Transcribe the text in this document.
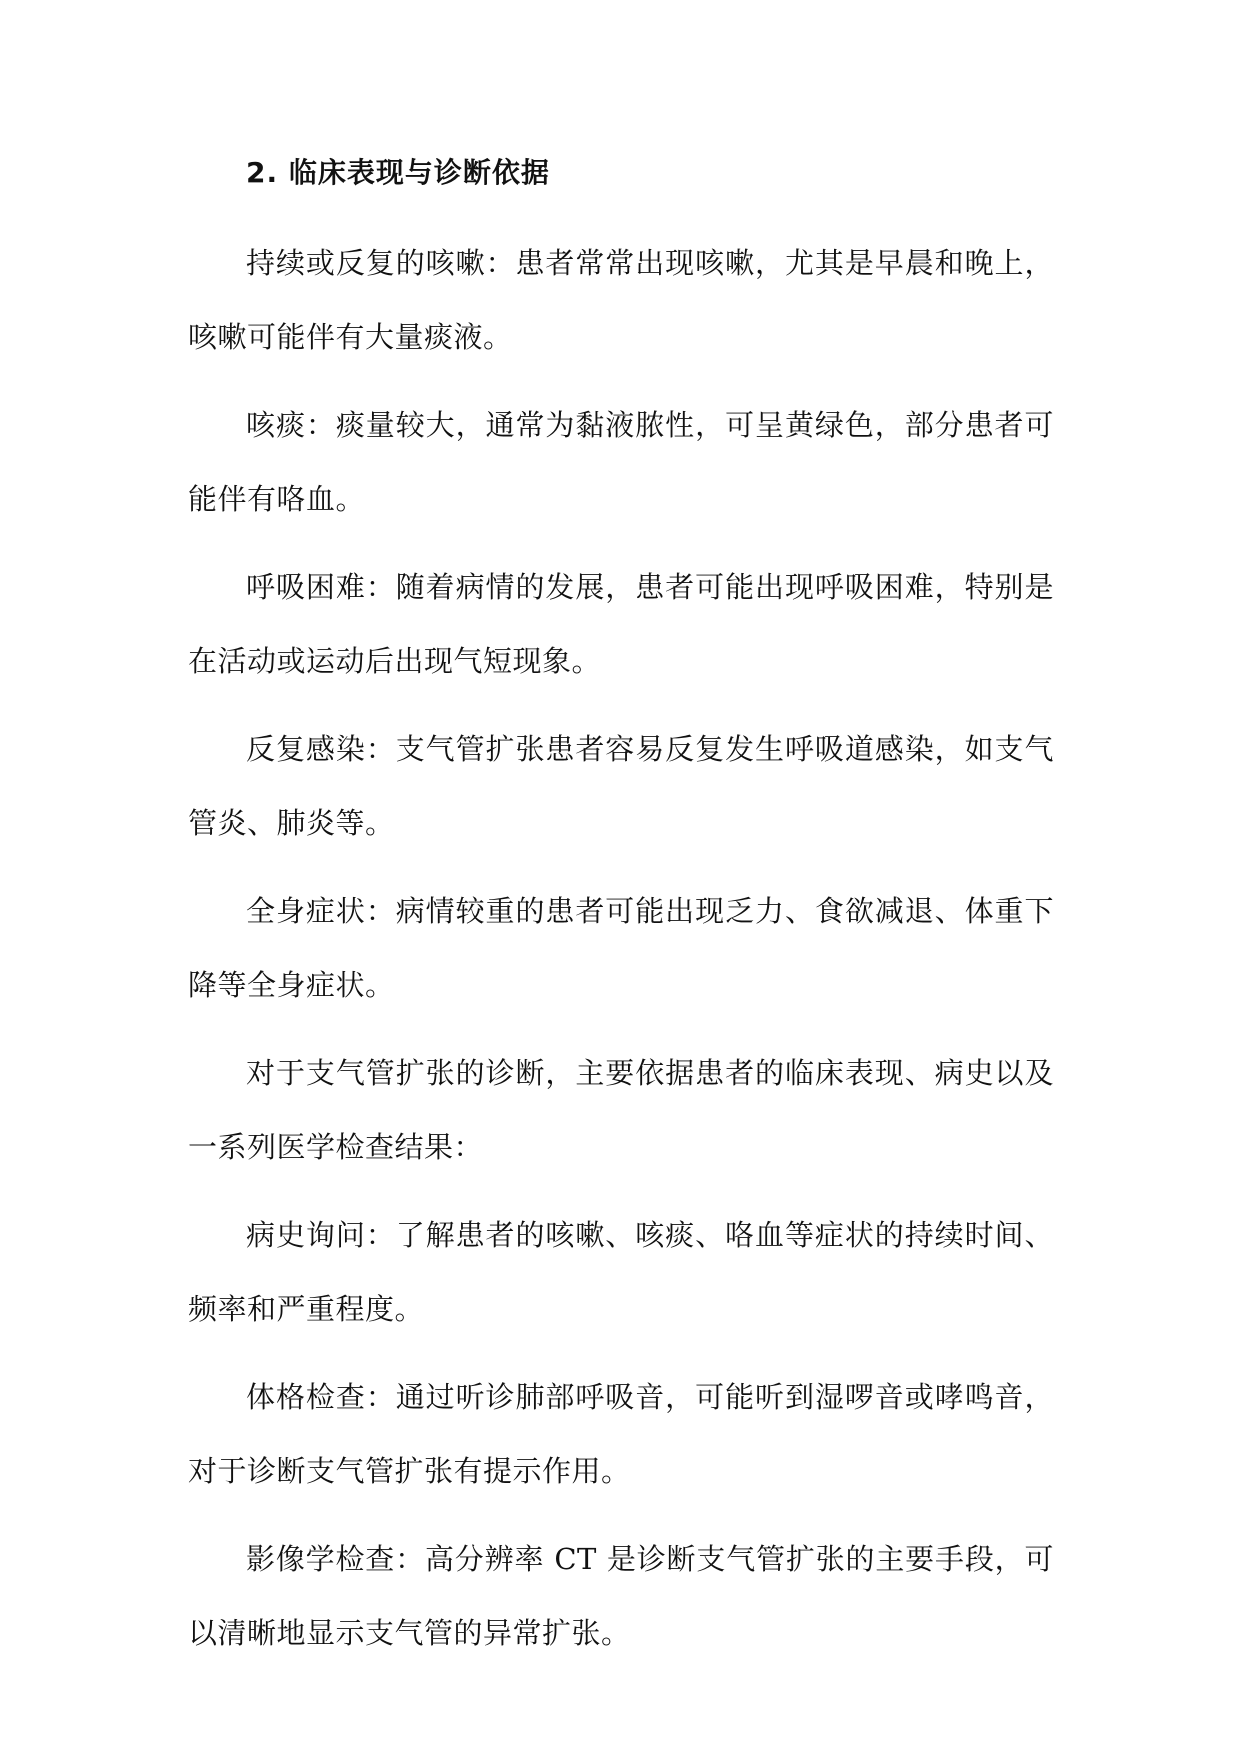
2. 临床表现与诊断依据

持续或反复的咳嗽：患者常常出现咳嗽，尤其是早晨和晚上，咳嗽可能伴有大量痰液。

咳痰：痰量较大，通常为黏液脓性，可呈黄绿色，部分患者可能伴有咯血。

呼吸困难：随着病情的发展，患者可能出现呼吸困难，特别是在活动或运动后出现气短现象。

反复感染：支气管扩张患者容易反复发生呼吸道感染，如支气管炎、肺炎等。

全身症状：病情较重的患者可能出现乏力、食欲减退、体重下降等全身症状。

对于支气管扩张的诊断，主要依据患者的临床表现、病史以及一系列医学检查结果：

病史询问：了解患者的咳嗽、咳痰、咯血等症状的持续时间、频率和严重程度。

体格检查：通过听诊肺部呼吸音，可能听到湿啰音或哮鸣音，对于诊断支气管扩张有提示作用。

影像学检查：高分辨率 CT 是诊断支气管扩张的主要手段，可以清晰地显示支气管的异常扩张。
